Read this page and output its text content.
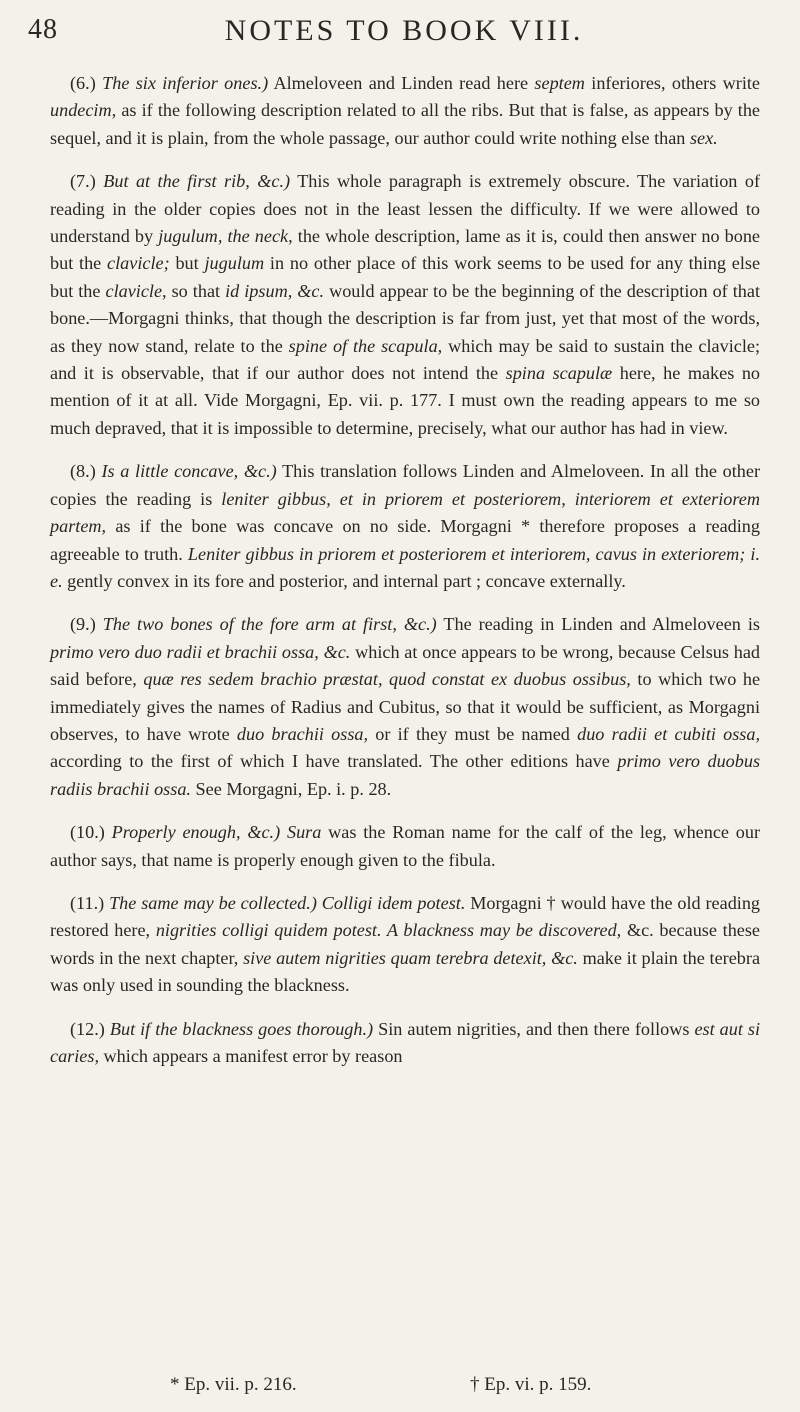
48	NOTES TO BOOK VIII.

(6.) The six inferior ones.) Almeloveen and Linden read here septem inferiores, others write undecim, as if the following description related to all the ribs. But that is false, as appears by the sequel, and it is plain, from the whole passage, our author could write nothing else than sex.

(7.) But at the first rib, &c.) This whole paragraph is extremely obscure. The variation of reading in the older copies does not in the least lessen the difficulty. If we were allowed to understand by jugulum, the neck, the whole description, lame as it is, could then answer no bone but the clavicle; but jugulum in no other place of this work seems to be used for any thing else but the clavicle, so that id ipsum, &c. would appear to be the beginning of the description of that bone.—Morgagni thinks, that though the description is far from just, yet that most of the words, as they now stand, relate to the spine of the scapula, which may be said to sustain the clavicle; and it is observable, that if our author does not intend the spina scapulæ here, he makes no mention of it at all. Vide Morgagni, Ep. vii. p. 177. I must own the reading appears to me so much depraved, that it is impossible to determine, precisely, what our author has had in view.

(8.) Is a little concave, &c.) This translation follows Linden and Almeloveen. In all the other copies the reading is leniter gibbus, et in priorem et posteriorem, interiorem et exteriorem partem, as if the bone was concave on no side. Morgagni * therefore proposes a reading agreeable to truth. Leniter gibbus in priorem et posteriorem et interiorem, cavus in exteriorem; i. e. gently convex in its fore and posterior, and internal part ; concave externally.

(9.) The two bones of the fore arm at first, &c.) The reading in Linden and Almeloveen is primo vero duo radii et brachii ossa, &c. which at once appears to be wrong, because Celsus had said before, quæ res sedem brachio præstat, quod constat ex duobus ossibus, to which two he immediately gives the names of Radius and Cubitus, so that it would be sufficient, as Morgagni observes, to have wrote duo brachii ossa, or if they must be named duo radii et cubiti ossa, according to the first of which I have translated. The other editions have primo vero duobus radiis brachii ossa. See Morgagni, Ep. i. p. 28.

(10.) Properly enough, &c.) Sura was the Roman name for the calf of the leg, whence our author says, that name is properly enough given to the fibula.

(11.) The same may be collected.) Colligi idem potest. Morgagni † would have the old reading restored here, nigrities colligi quidem potest. A blackness may be discovered, &c. because these words in the next chapter, sive autem nigrities quam terebra detexit, &c. make it plain the terebra was only used in sounding the blackness.

(12.) But if the blackness goes thorough.) Sin autem nigrities, and then there follows est aut si caries, which appears a manifest error by reason

* Ep. vii. p. 216.	† Ep. vi. p. 159.
